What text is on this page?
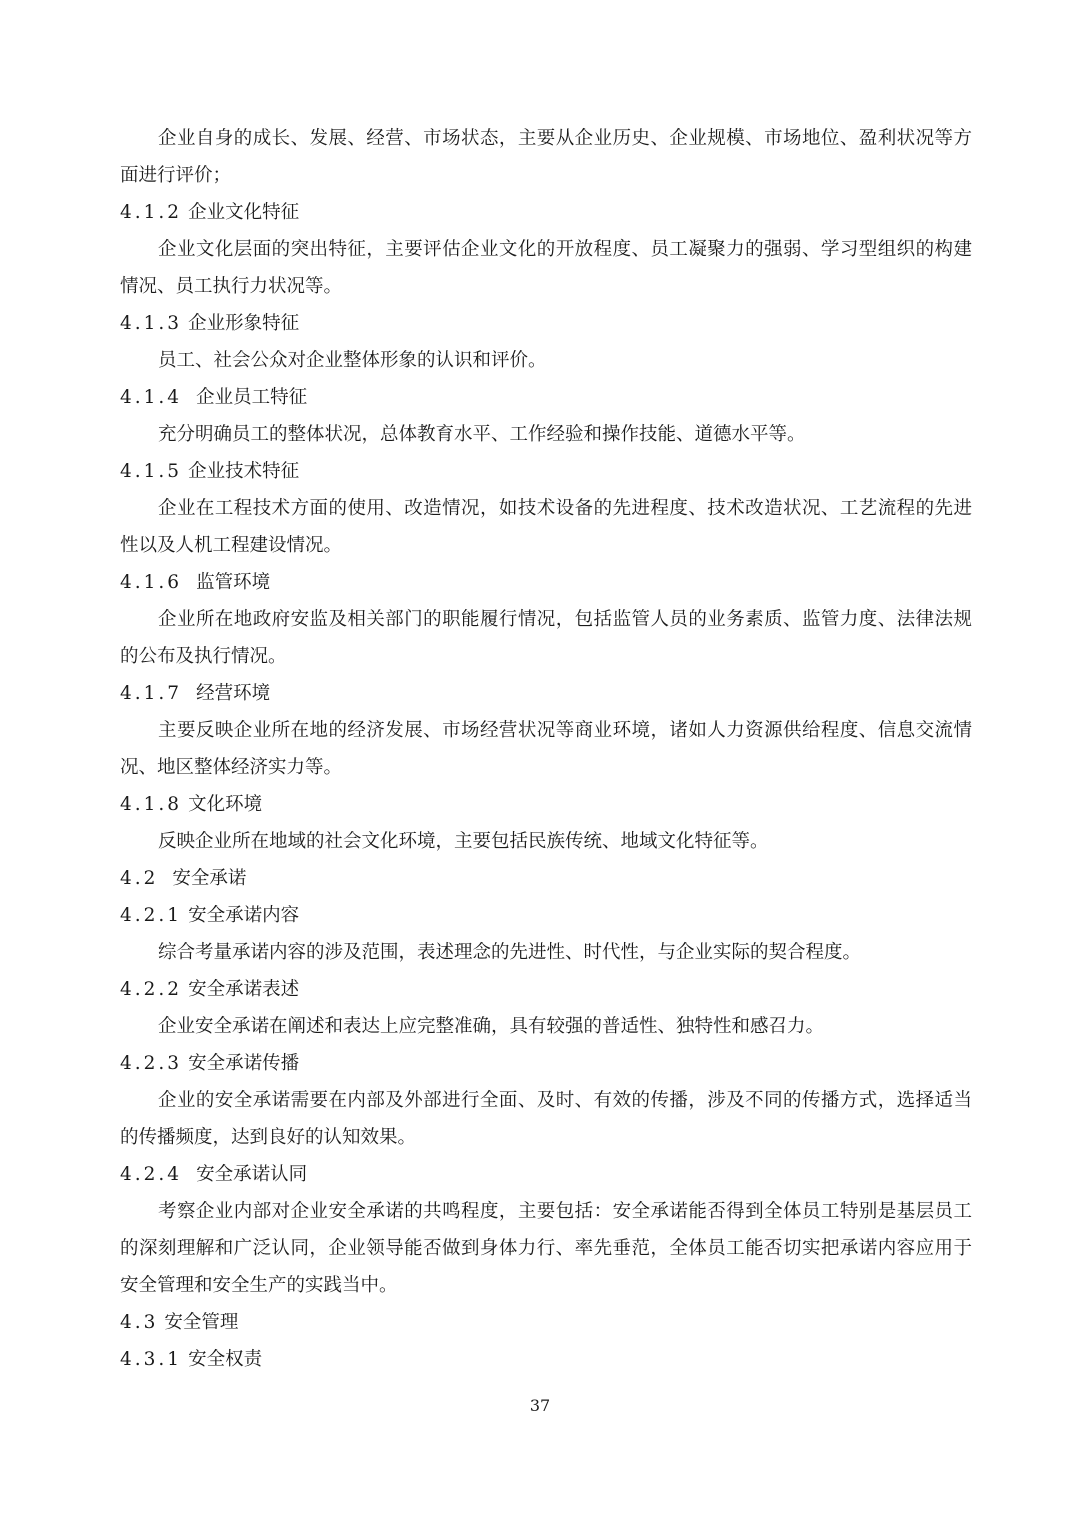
企业自身的成长、发展、经营、市场状态，主要从企业历史、企业规模、市场地位、盈利状况等方
面进行评价；
4.1.2 企业文化特征
企业文化层面的突出特征，主要评估企业文化的开放程度、员工凝聚力的强弱、学习型组织的构建
情况、员工执行力状况等。
4.1.3 企业形象特征
员工、社会公众对企业整体形象的认识和评价。
4.1.4 企业员工特征
充分明确员工的整体状况，总体教育水平、工作经验和操作技能、道德水平等。
4.1.5 企业技术特征
企业在工程技术方面的使用、改造情况，如技术设备的先进程度、技术改造状况、工艺流程的先进
性以及人机工程建设情况。
4.1.6 监管环境
企业所在地政府安监及相关部门的职能履行情况，包括监管人员的业务素质、监管力度、法律法规
的公布及执行情况。
4.1.7 经营环境
主要反映企业所在地的经济发展、市场经营状况等商业环境，诸如人力资源供给程度、信息交流情
况、地区整体经济实力等。
4.1.8 文化环境
反映企业所在地域的社会文化环境，主要包括民族传统、地域文化特征等。
4.2 安全承诺
4.2.1 安全承诺内容
综合考量承诺内容的涉及范围，表述理念的先进性、时代性，与企业实际的契合程度。
4.2.2 安全承诺表述
企业安全承诺在阐述和表达上应完整准确，具有较强的普适性、独特性和感召力。
4.2.3 安全承诺传播
企业的安全承诺需要在内部及外部进行全面、及时、有效的传播，涉及不同的传播方式，选择适当
的传播频度，达到良好的认知效果。
4.2.4 安全承诺认同
考察企业内部对企业安全承诺的共鸣程度，主要包括：安全承诺能否得到全体员工特别是基层员工
的深刻理解和广泛认同，企业领导能否做到身体力行、率先垂范，全体员工能否切实把承诺内容应用于
安全管理和安全生产的实践当中。
4.3 安全管理
4.3.1 安全权责
37
